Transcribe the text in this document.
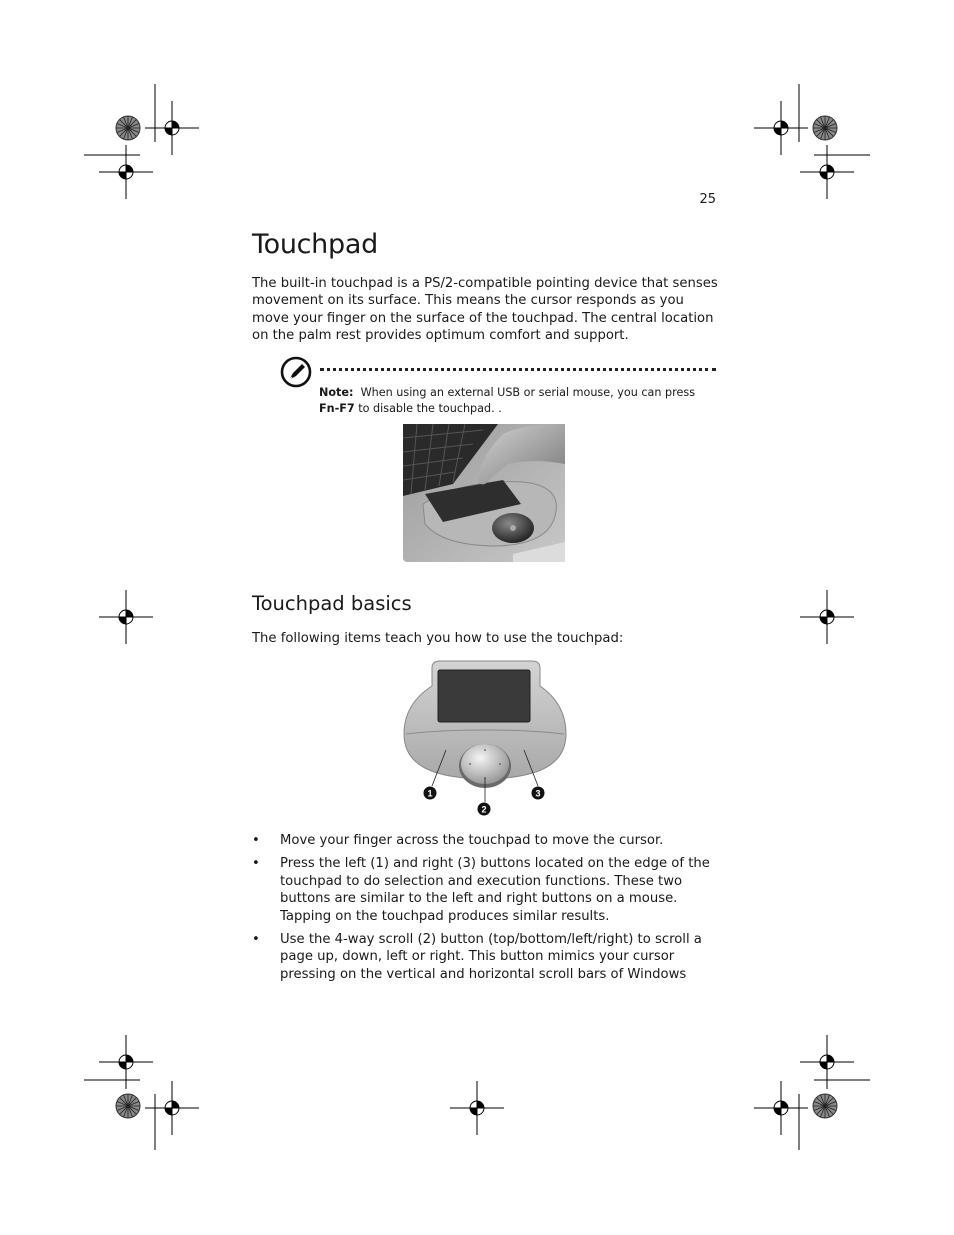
25
Touchpad

The built-in touchpad is a PS/2-compatible pointing device that senses movement on its surface. This means the cursor responds as you move your finger on the surface of the touchpad. The central location on the palm rest provides optimum comfort and support.

Note: When using an external USB or serial mouse, you can press
Fn-F7 to disable the touchpad. .

Touchpad basics

The following items teach you how to use the touchpad:

1
2
3
• Move your finger across the touchpad to move the cursor.
• Press the left (1) and right (3) buttons located on the edge of the touchpad to do selection and execution functions. These two buttons are similar to the left and right buttons on a mouse. Tapping on the touchpad produces similar results.
• Use the 4-way scroll (2) button (top/bottom/left/right) to scroll a page up, down, left or right. This button mimics your cursor pressing on the vertical and horizontal scroll bars of Windows
